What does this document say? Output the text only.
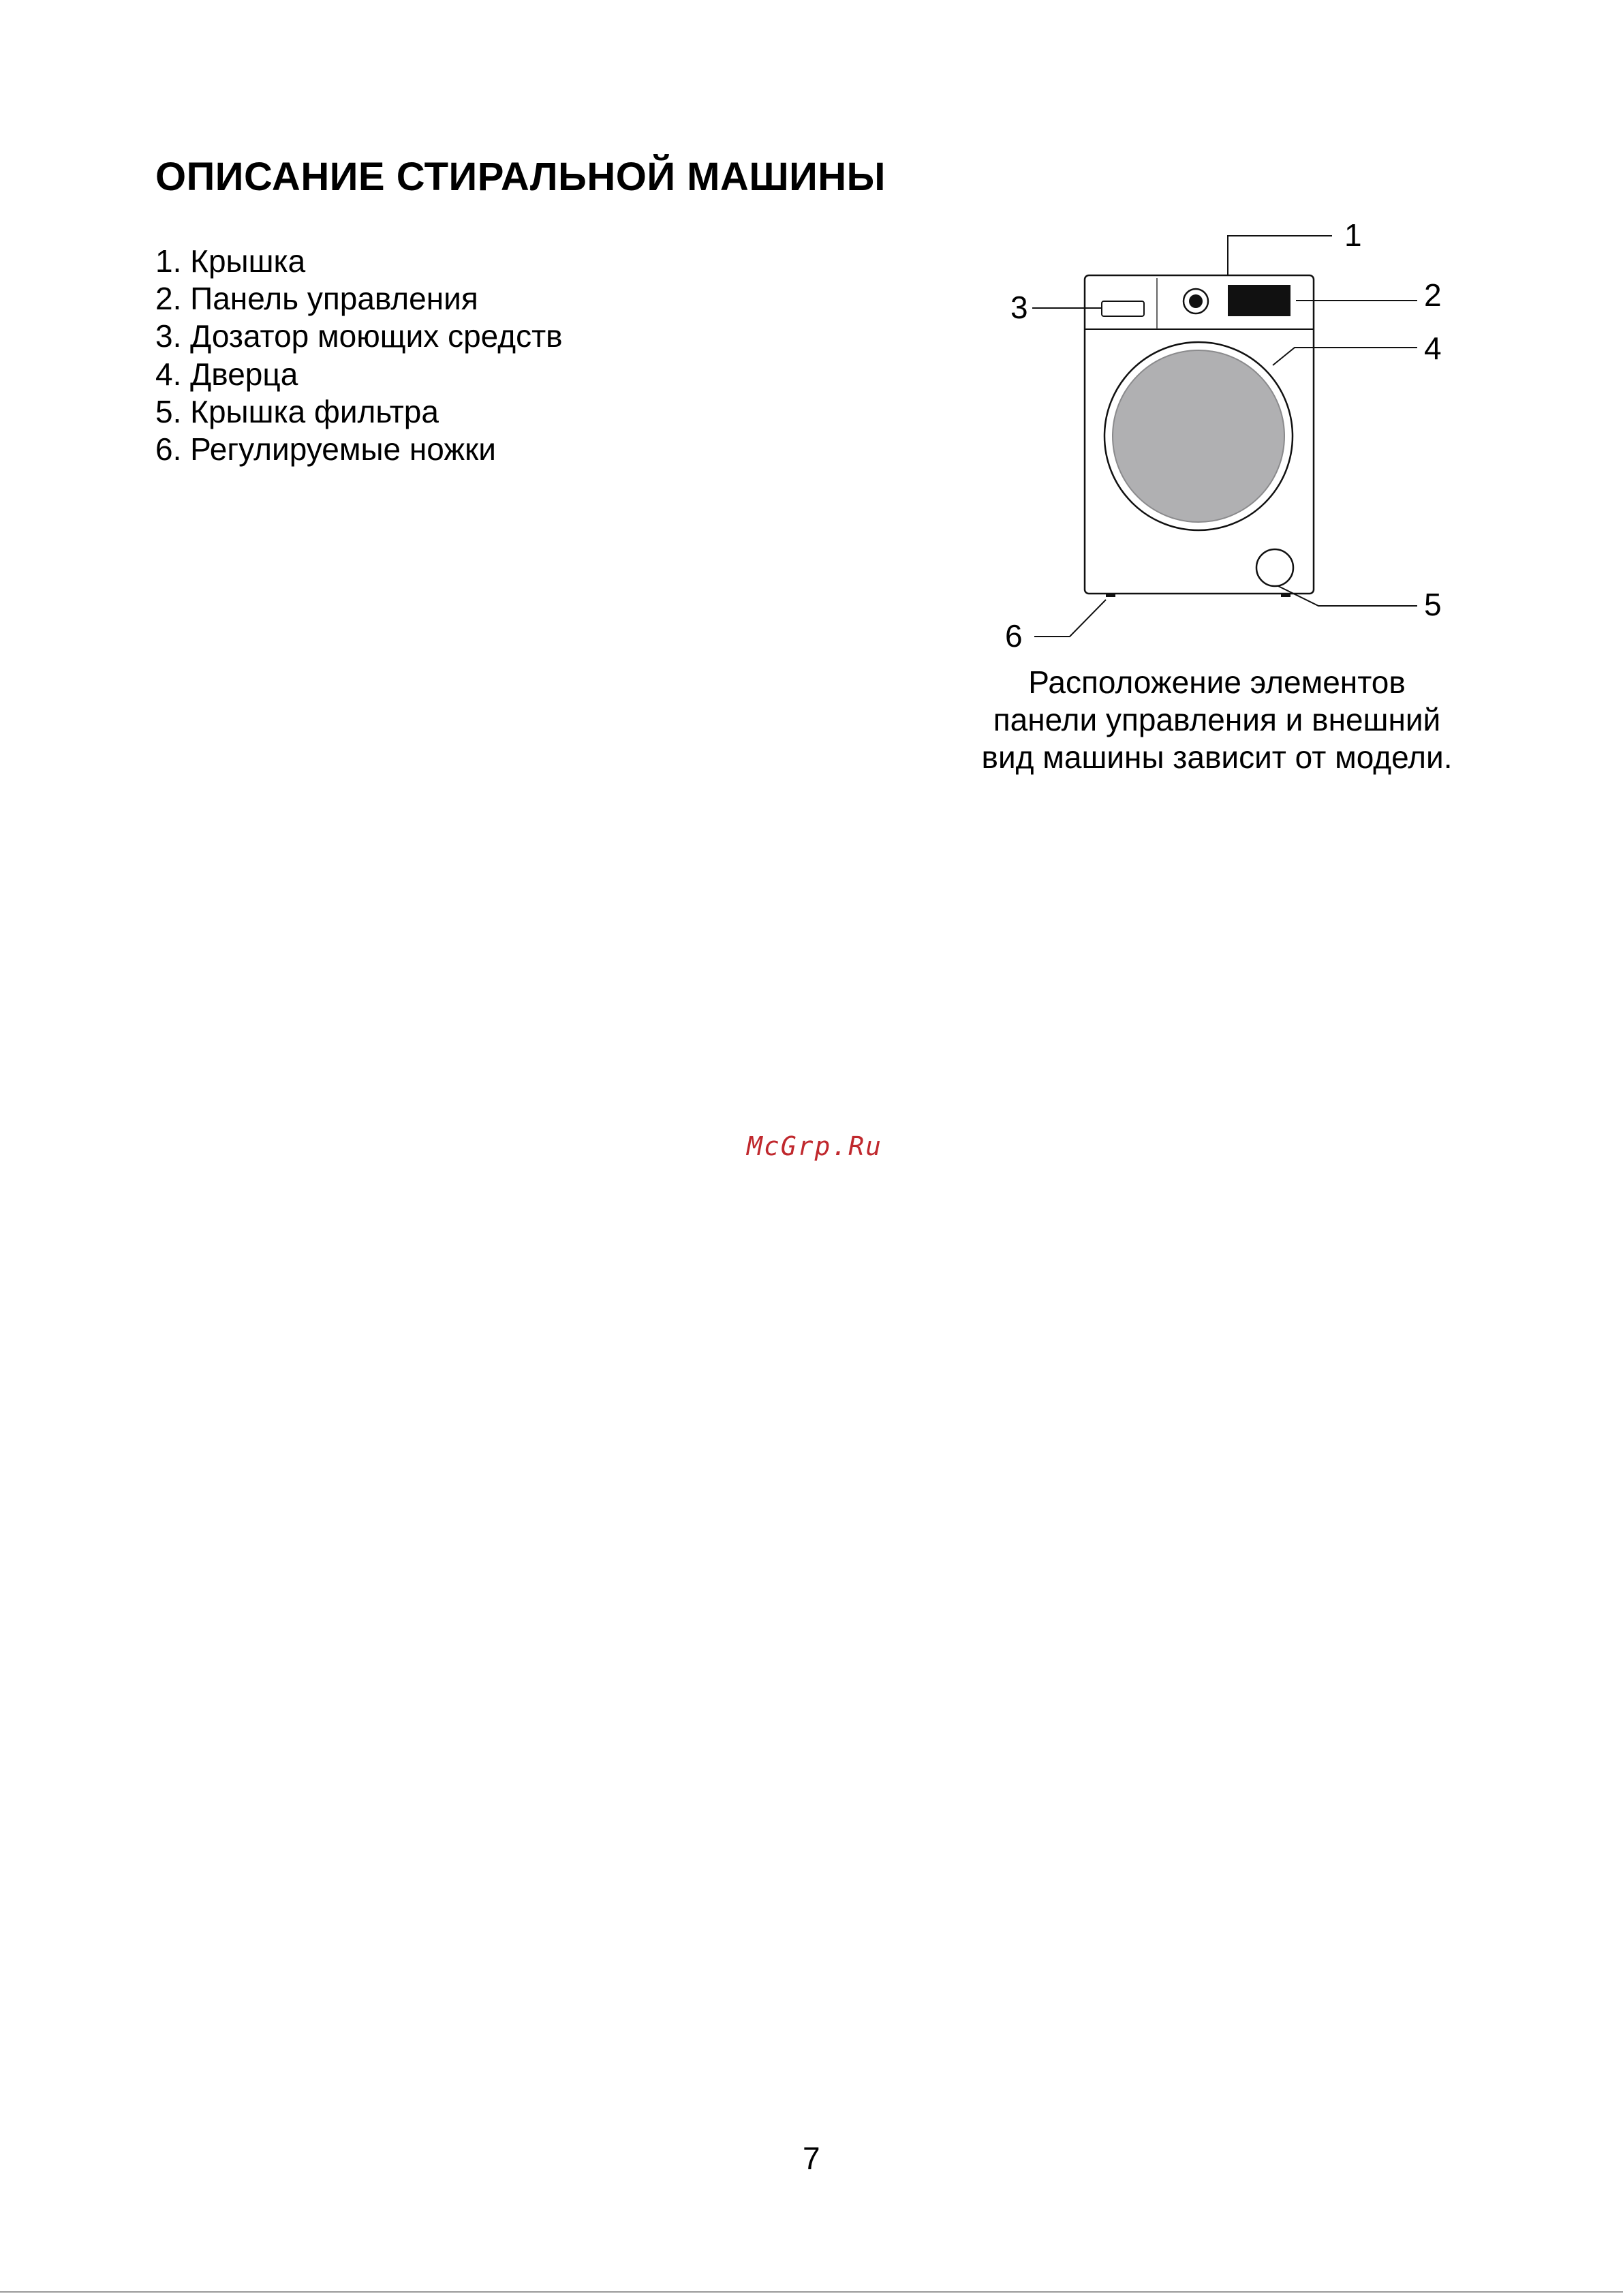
ОПИСАНИЕ СТИРАЛЬНОЙ МАШИНЫ
1. Крышка
2. Панель управления
3. Дозатор моющих средств
4. Дверца
5. Крышка фильтра
6. Регулируемые ножки
1
2
3
4
5
6
Расположение элементов
панели управления и внешний
вид машины зависит от модели.
McGrp.Ru
7
